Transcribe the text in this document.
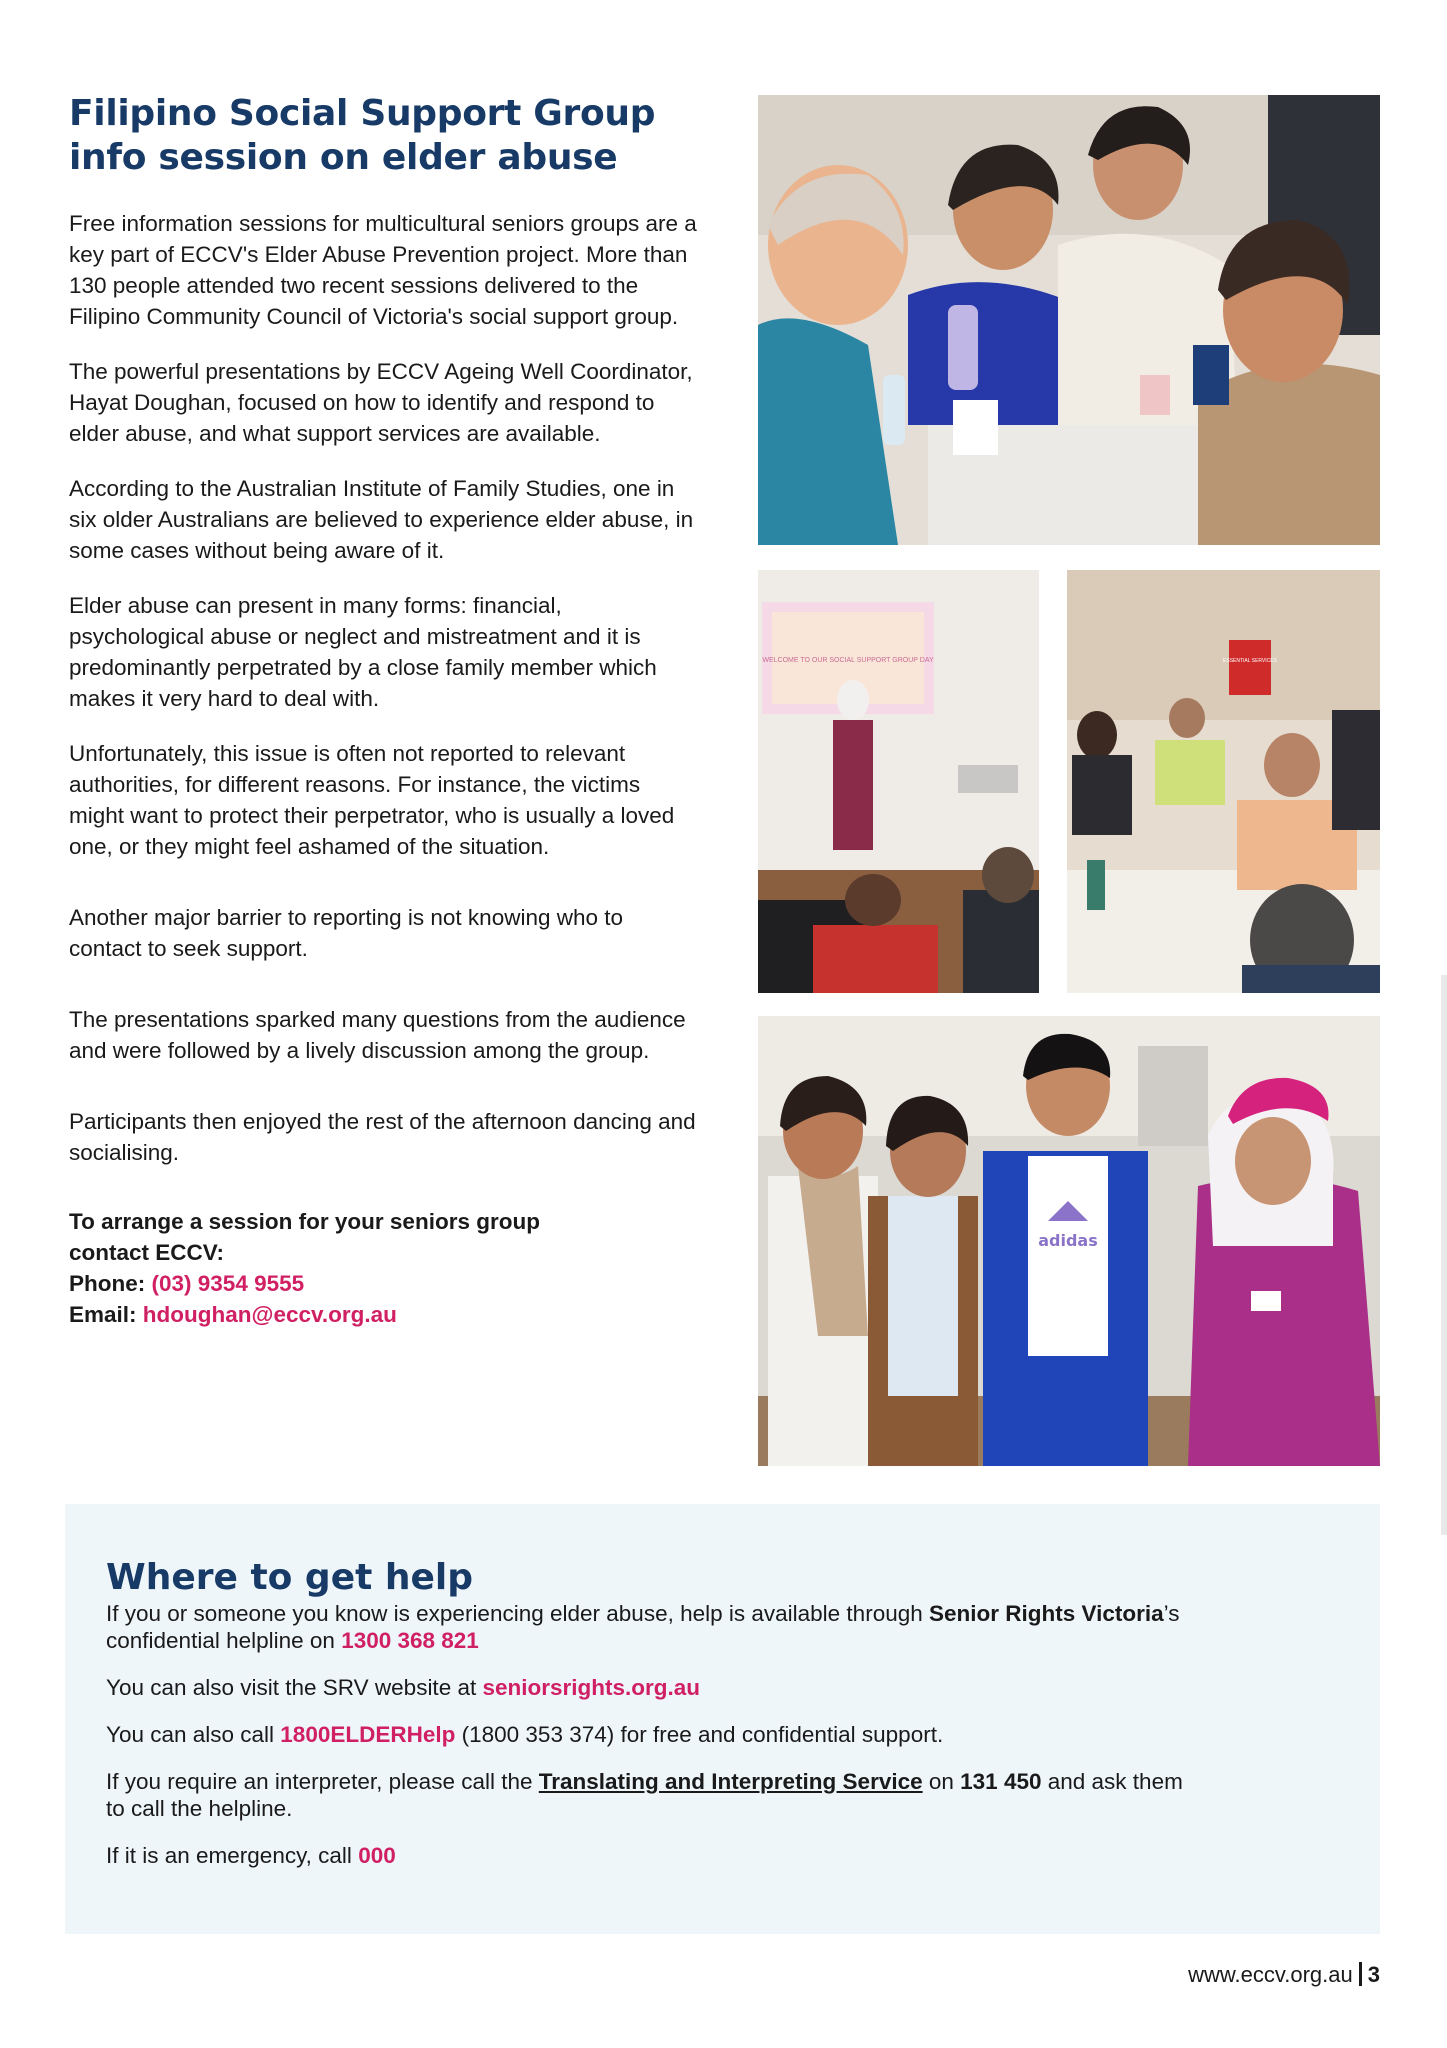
Filipino Social Support Group
info session on elder abuse

Free information sessions for multicultural seniors groups are a key part of ECCV's Elder Abuse Prevention project. More than 130 people attended two recent sessions delivered to the Filipino Community Council of Victoria's social support group.

The powerful presentations by ECCV Ageing Well Coordinator, Hayat Doughan, focused on how to identify and respond to elder abuse, and what support services are available.

According to the Australian Institute of Family Studies, one in six older Australians are believed to experience elder abuse, in some cases without being aware of it.

Elder abuse can present in many forms: financial, psychological abuse or neglect and mistreatment and it is predominantly perpetrated by a close family member which makes it very hard to deal with.

Unfortunately, this issue is often not reported to relevant authorities, for different reasons. For instance, the victims might want to protect their perpetrator, who is usually a loved one, or they might feel ashamed of the situation.

Another major barrier to reporting is not knowing who to contact to seek support.

The presentations sparked many questions from the audience and were followed by a lively discussion among the group.

Participants then enjoyed the rest of the afternoon dancing and socialising.

To arrange a session for your seniors group
contact ECCV:
Phone: (03) 9354 9555
Email: hdoughan@eccv.org.au
WELCOME TO OUR SOCIAL SUPPORT GROUP DAY	ESSENTIAL SERVICES
adidas
Where to get help

If you or someone you know is experiencing elder abuse, help is available through Senior Rights Victoria’s
confidential helpline on 1300 368 821

You can also visit the SRV website at seniorsrights.org.au

You can also call 1800ELDERHelp (1800 353 374) for free and confidential support.

If you require an interpreter, please call the Translating and Interpreting Service on 131 450 and ask them
to call the helpline.

If it is an emergency, call 000

www.eccv.org.au 3
